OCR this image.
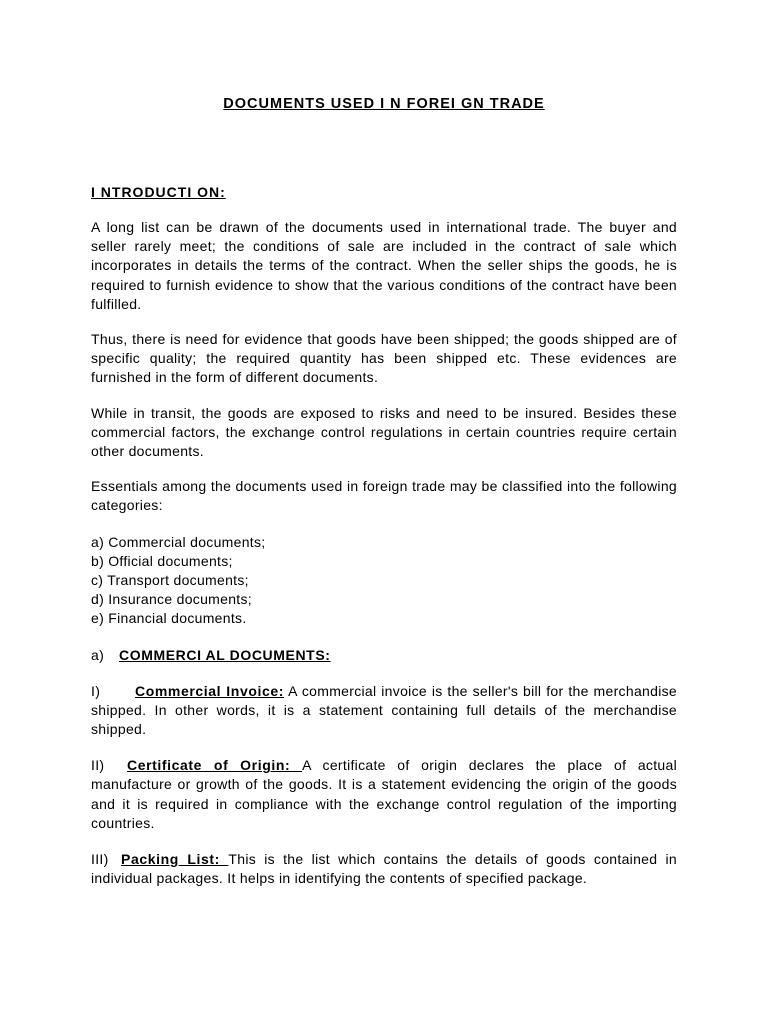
DOCUMENTS USED I N FOREI GN TRADE
I NTRODUCTI ON:

A long list can be drawn of the documents used in international trade. The buyer and seller rarely meet; the conditions of sale are included in the contract of sale which incorporates in details the terms of the contract. When the seller ships the goods, he is required to furnish evidence to show that the various conditions of the contract have been fulfilled.

Thus, there is need for evidence that goods have been shipped; the goods shipped are of specific quality; the required quantity has been shipped etc. These evidences are furnished in the form of different documents.

While in transit, the goods are exposed to risks and need to be insured. Besides these commercial factors, the exchange control regulations in certain countries require certain other documents.

Essentials among the documents used in foreign trade may be classified into the following categories:

a) Commercial documents;
b) Official documents;
c) Transport documents;
d) Insurance documents;
e) Financial documents.
a) COMMERCI AL DOCUMENTS:

I) Commercial Invoice: A commercial invoice is the seller's bill for the merchandise shipped. In other words, it is a statement containing full details of the merchandise shipped.

II) Certificate of Origin: A certificate of origin declares the place of actual manufacture or growth of the goods. It is a statement evidencing the origin of the goods and it is required in compliance with the exchange control regulation of the importing countries.

III) Packing List: This is the list which contains the details of goods contained in individual packages. It helps in identifying the contents of specified package.
